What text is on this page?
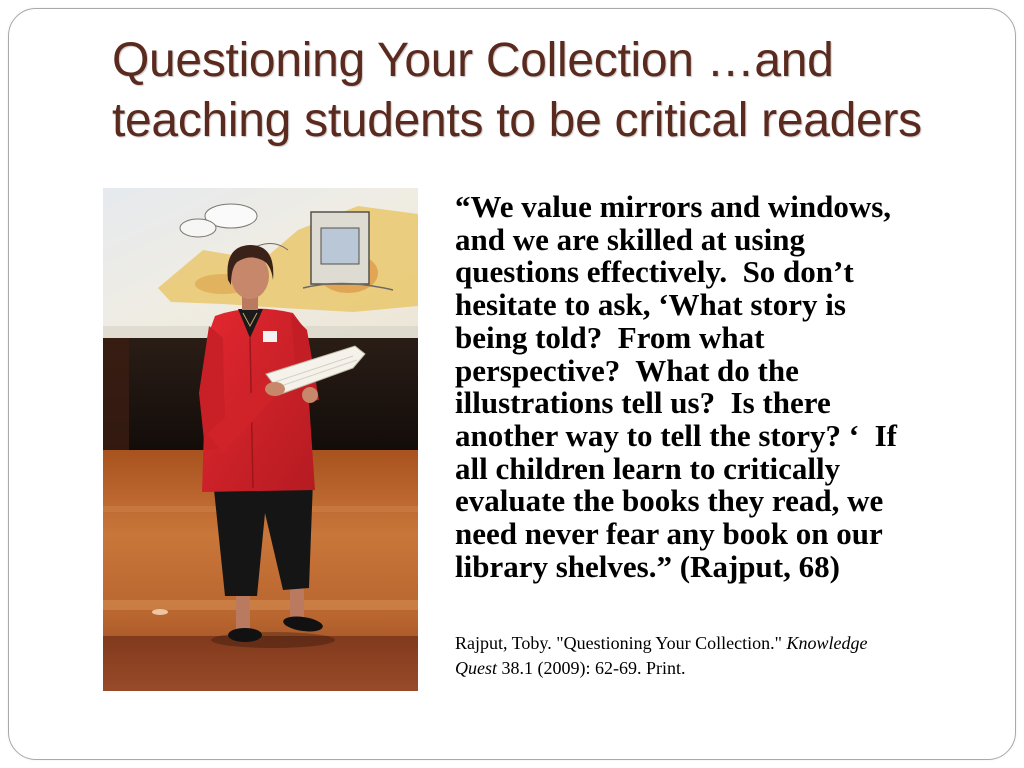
Questioning Your Collection …and teaching students to be critical readers
“We value mirrors and windows,
and we are skilled at using
questions effectively.  So don’t
hesitate to ask, ‘What story is
being told?  From what
perspective?  What do the
illustrations tell us?  Is there
another way to tell the story? ‘  If
all children learn to critically
evaluate the books they read, we
need never fear any book on our
library shelves.” (Rajput, 68)
Rajput, Toby. "Questioning Your Collection." Knowledge
Quest 38.1 (2009): 62-69. Print.
